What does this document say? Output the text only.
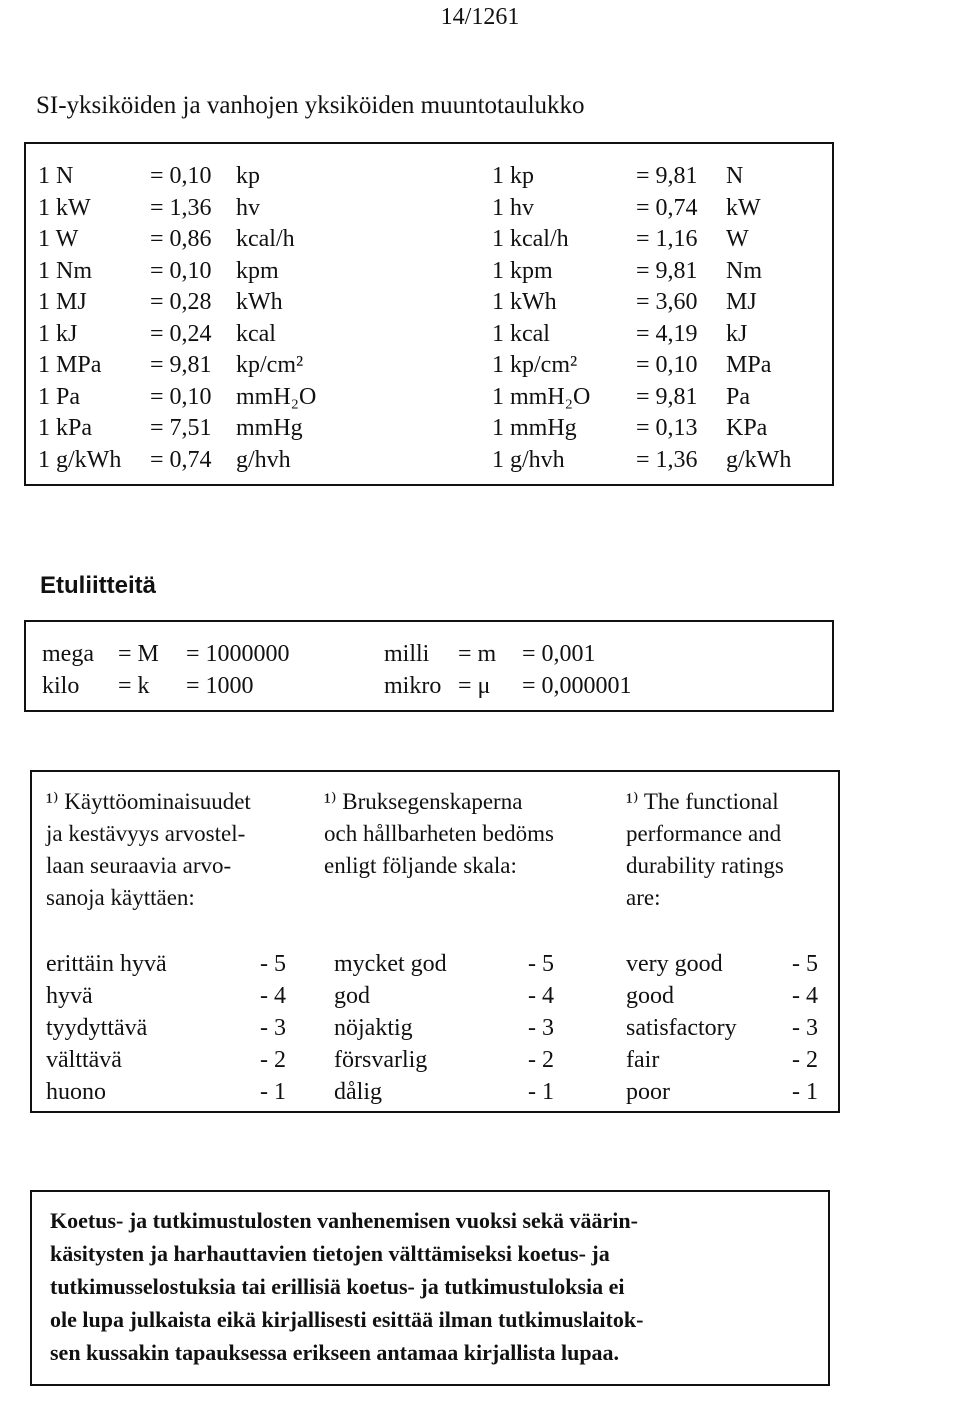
14/1261
SI-yksiköiden ja vanhojen yksiköiden muuntotaulukko
1 N	= 0,10 kp	1 kp	= 9,81 N
1 kW = 1,36 hv	1 hv	= 0,74 kW
1 W	= 0,86 kcal/h	1 kcal/h	= 1,16 W
1 Nm = 0,10 kpm	1 kpm	= 9,81 Nm
1 MJ	= 0,28 kWh	1 kWh	= 3,60 MJ
1 kJ	= 0,24 kcal	1 kcal	= 4,19 kJ
1 MPa = 9,81 kp/cm²	1 kp/cm² = 0,10 MPa
1 Pa	= 0,10 mmH₂O	1 mmH₂O = 9,81 Pa
1 kPa = 7,51 mmHg	1 mmHg = 0,13 KPa
1 g/kWh = 0,74 g/hvh	1 g/hvh	= 1,36 g/kWh
Etuliitteitä
mega = M = 1000000	milli = m = 0,001
kilo = k = 1000	mikro = μ = 0,000001
¹⁾ Käyttöominaisuudet
ja kestävyys arvostel-
laan seuraavia arvo-
sanoja käyttäen:
¹⁾ Bruksegenskaperna
och hållbarheten bedöms
enligt följande skala:
¹⁾ The functional
performance and
durability ratings
are:
erittäin hyvä	- 5 mycket god	- 5	very good	- 5
hyvä	- 4 god	- 4	good	- 4
tyydyttävä	- 3 nöjaktig	- 3	satisfactory - 3
välttävä	- 2 försvarlig	- 2	fair	- 2
huono	- 1 dålig	- 1	poor	- 1
Koetus- ja tutkimustulosten vanhenemisen vuoksi sekä väärin-
käsitysten ja harhauttavien tietojen välttämiseksi koetus- ja
tutkimusselostuksia tai erillisiä koetus- ja tutkimustuloksia ei
ole lupa julkaista eikä kirjallisesti esittää ilman tutkimuslaitok-
sen kussakin tapauksessa erikseen antamaa kirjallista lupaa.
